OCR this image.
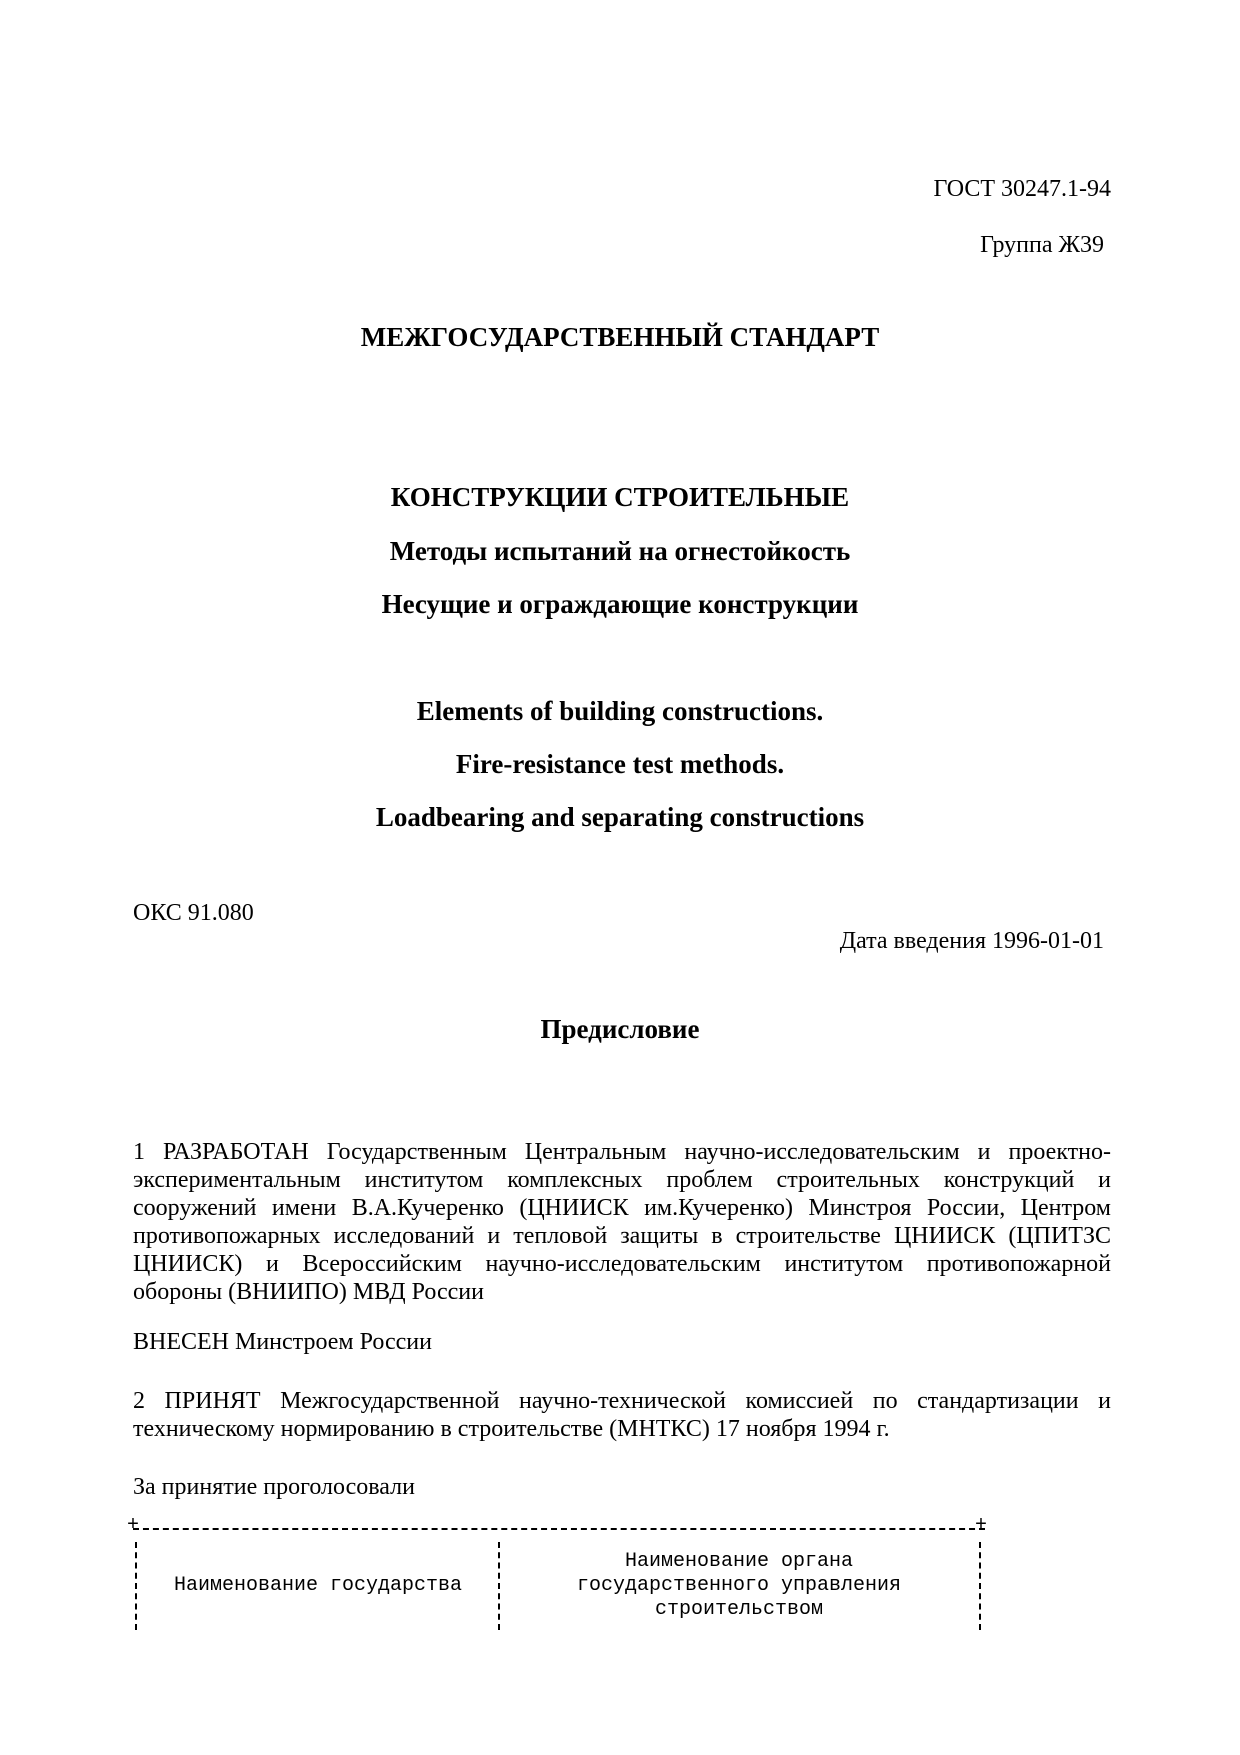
ГОСТ 30247.1-94
Группа Ж39
МЕЖГОСУДАРСТВЕННЫЙ СТАНДАРТ
КОНСТРУКЦИИ СТРОИТЕЛЬНЫЕ
Методы испытаний на огнестойкость
Несущие и ограждающие конструкции
Elements of building constructions.
Fire-resistance test methods.
Loadbearing and separating constructions
ОКС 91.080
Дата введения 1996-01-01
Предисловие
1 РАЗРАБОТАН Государственным Центральным научно-исследовательским и проектно-экспериментальным институтом комплексных проблем строительных конструкций и сооружений имени В.А.Кучеренко (ЦНИИСК им.Кучеренко) Минстроя России, Центром противопожарных исследований и тепловой защиты в строительстве ЦНИИСК (ЦПИТЗС ЦНИИСК) и Всероссийским научно-исследовательским институтом противопожарной обороны (ВНИИПО) МВД России
ВНЕСЕН Минстроем России
2 ПРИНЯТ Межгосударственной научно-технической комиссией по стандартизации и техническому нормированию в строительстве (МНТКС) 17 ноября 1994 г.
За принятие проголосовали
+	+
Наименование государства
Наименование органа
государственного управления
строительством
